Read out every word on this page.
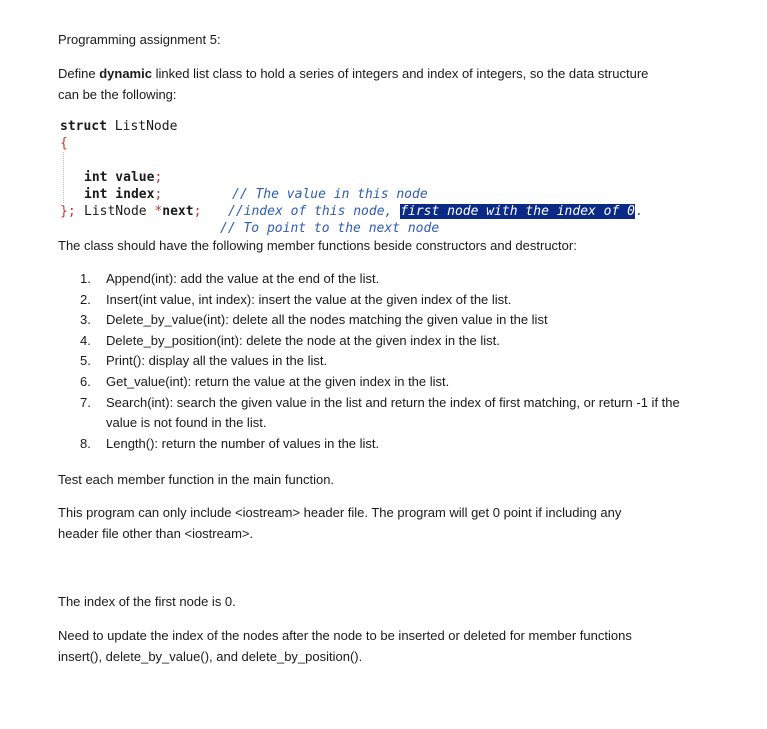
Programming assignment 5:

Define dynamic linked list class to hold a series of integers and index of integers, so the data structure

can be the following:

struct ListNode
{

int value;

// The value in this node

int index;

//index of this node, first node with the index of 0.

ListNode *next;

// To point to the next node

};

The class should have the following member functions beside constructors and destructor:

1. Append(int): add the value at the end of the list.
2. Insert(int value, int index): insert the value at the given index of the list.
3. Delete_by_value(int): delete all the nodes matching the given value in the list
4. Delete_by_position(int): delete the node at the given index in the list.
5. Print(): display all the values in the list.
6. Get_value(int): return the value at the given index in the list.
7. Search(int): search the given value in the list and return the index of first matching, or return -1 if the value is not found in the list.
8. Length(): return the number of values in the list.

Test each member function in the main function.

This program can only include <iostream> header file. The program will get 0 point if including any

header file other than <iostream>.

The index of the first node is 0.

Need to update the index of the nodes after the node to be inserted or deleted for member functions

insert(), delete_by_value(), and delete_by_position().
